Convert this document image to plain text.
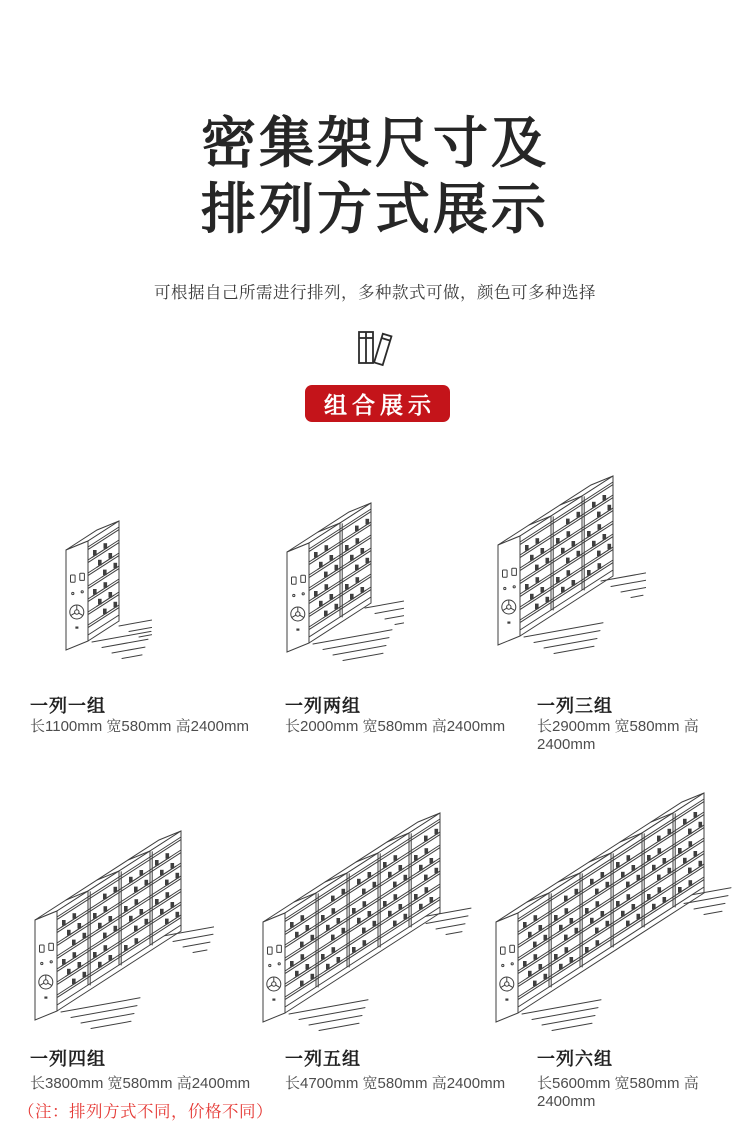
密集架尺寸及
排列方式展示
可根据自己所需进行排列，多种款式可做，颜色可多种选择
组合展示
一列一组	一列两组	一列三组
一列四组	一列五组	一列六组
长1100mm 宽580mm 高2400mm 长2000mm 宽580mm 高2400mm 长2900mm 宽580mm 高2400mm
长3800mm 宽580mm 高2400mm 长4700mm 宽580mm 高2400mm 长5600mm 宽580mm 高2400mm
（注：排列方式不同，价格不同）
